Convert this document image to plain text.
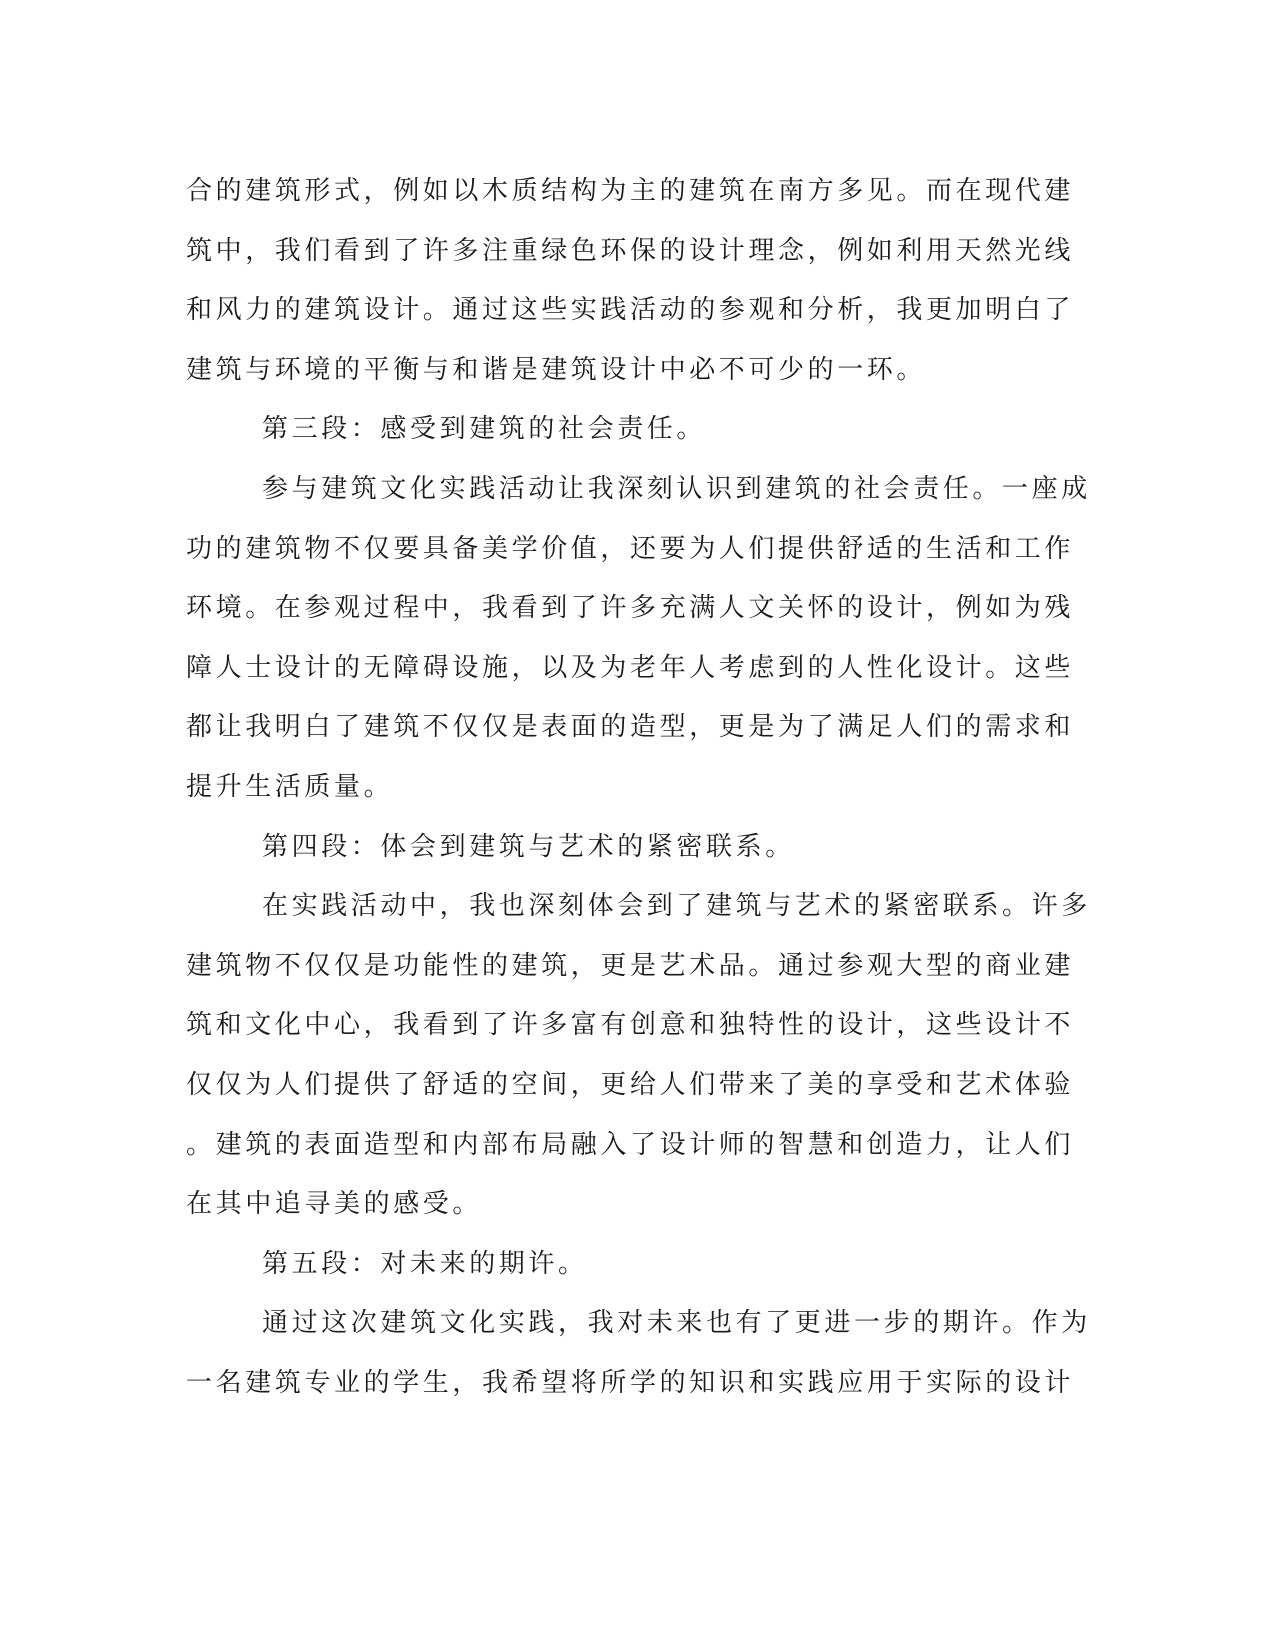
合的建筑形式，例如以木质结构为主的建筑在南方多见。而在现代建
筑中，我们看到了许多注重绿色环保的设计理念，例如利用天然光线
和风力的建筑设计。通过这些实践活动的参观和分析，我更加明白了
建筑与环境的平衡与和谐是建筑设计中必不可少的一环。
第三段：感受到建筑的社会责任。
参与建筑文化实践活动让我深刻认识到建筑的社会责任。一座成
功的建筑物不仅要具备美学价值，还要为人们提供舒适的生活和工作
环境。在参观过程中，我看到了许多充满人文关怀的设计，例如为残
障人士设计的无障碍设施，以及为老年人考虑到的人性化设计。这些
都让我明白了建筑不仅仅是表面的造型，更是为了满足人们的需求和
提升生活质量。
第四段：体会到建筑与艺术的紧密联系。
在实践活动中，我也深刻体会到了建筑与艺术的紧密联系。许多
建筑物不仅仅是功能性的建筑，更是艺术品。通过参观大型的商业建
筑和文化中心，我看到了许多富有创意和独特性的设计，这些设计不
仅仅为人们提供了舒适的空间，更给人们带来了美的享受和艺术体验
。建筑的表面造型和内部布局融入了设计师的智慧和创造力，让人们
在其中追寻美的感受。
第五段：对未来的期许。
通过这次建筑文化实践，我对未来也有了更进一步的期许。作为
一名建筑专业的学生，我希望将所学的知识和实践应用于实际的设计
